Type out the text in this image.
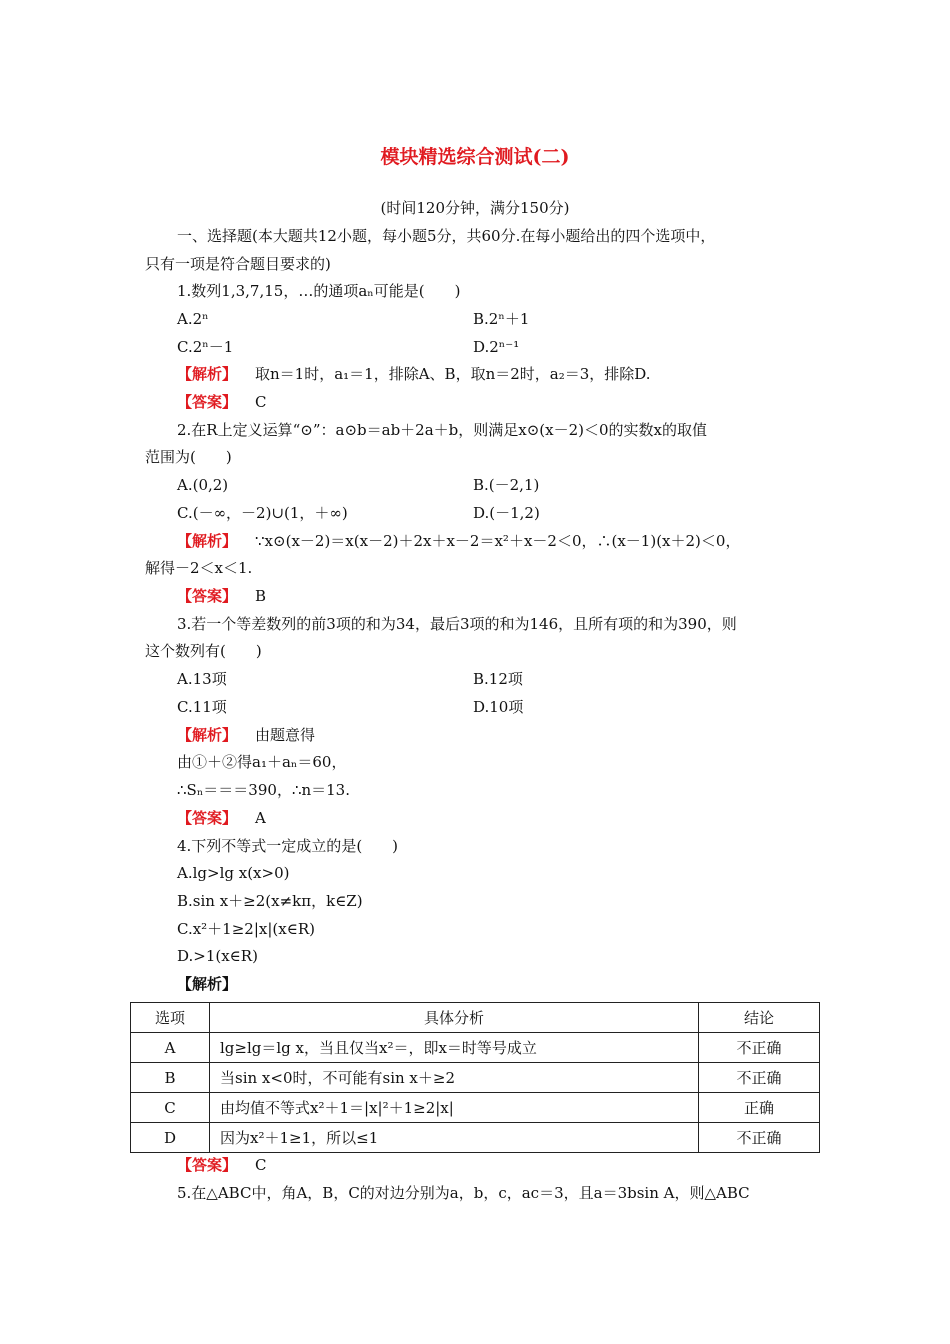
模块精选综合测试(二)
(时间120分钟，满分150分)
一、选择题(本大题共12小题，每小题5分，共60分.在每小题给出的四个选项中，
只有一项是符合题目要求的)
1.数列1,3,7,15，…的通项aₙ可能是(　　)
A.2ⁿ	B.2ⁿ＋1
C.2ⁿ－1	D.2ⁿ⁻¹
【解析】 取n＝1时，a₁＝1，排除A、B，取n＝2时，a₂＝3，排除D.
【答案】 C
2.在R上定义运算“⊙”：a⊙b＝ab＋2a＋b，则满足x⊙(x－2)＜0的实数x的取值
范围为(　　)
A.(0,2)	B.(－2,1)
C.(－∞，－2)∪(1，＋∞)	D.(－1,2)
【解析】 ∵x⊙(x－2)＝x(x－2)＋2x＋x－2＝x²＋x－2＜0，∴(x－1)(x＋2)＜0，
解得－2＜x＜1.
【答案】 B
3.若一个等差数列的前3项的和为34，最后3项的和为146，且所有项的和为390，则
这个数列有(　　)
A.13项	B.12项
C.11项	D.10项
【解析】 由题意得
由①＋②得a₁＋aₙ＝60，
∴Sₙ＝＝＝390，∴n＝13.
【答案】 A
4.下列不等式一定成立的是(　　)
A.lg>lg x(x>0)
B.sin x＋≥2(x≠kπ，k∈Z)
C.x²＋1≥2|x|(x∈R)
D.>1(x∈R)
【解析】
选项	具体分析	结论
A	lg≥lg＝lg x，当且仅当x²＝，即x＝时等号成立	不正确
B	当sin x<0时，不可能有sin x＋≥2	不正确
C	由均值不等式x²＋1＝|x|²＋1≥2|x|	正确
D	因为x²＋1≥1，所以≤1	不正确
【答案】 C
5.在△ABC中，角A，B，C的对边分别为a，b，c，ac＝3，且a＝3bsin A，则△ABC
